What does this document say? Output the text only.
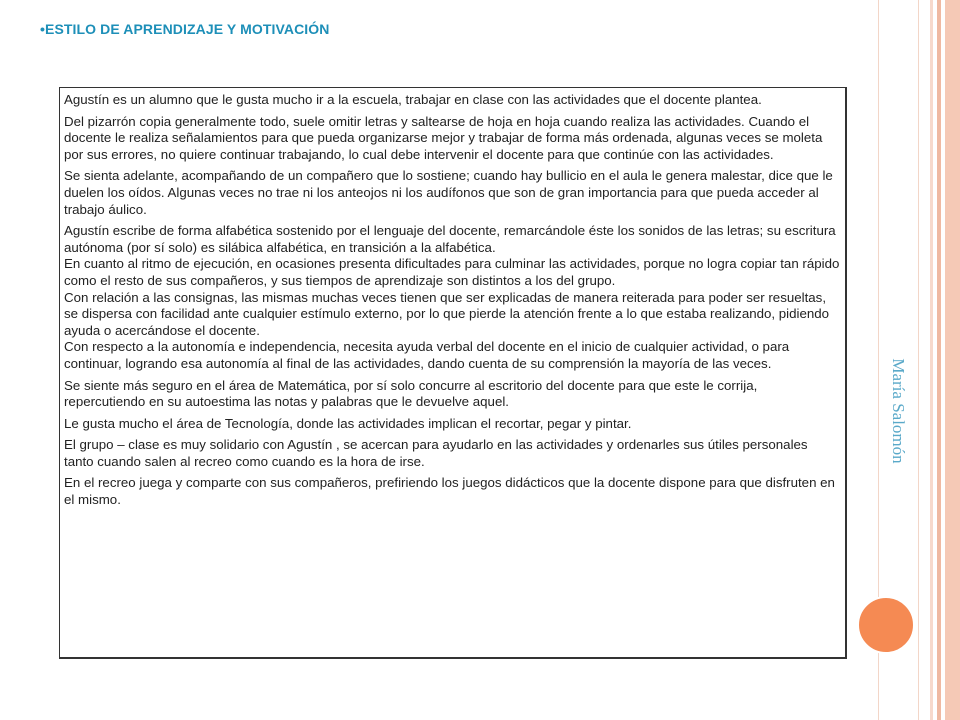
•ESTILO DE APRENDIZAJE Y MOTIVACIÓN

Agustín es un alumno que le gusta mucho ir a la escuela, trabajar en clase con las actividades que el docente plantea.

Del pizarrón copia generalmente todo, suele omitir letras y saltearse de hoja en hoja cuando realiza las actividades. Cuando el docente le realiza señalamientos para que pueda organizarse mejor y trabajar de forma más ordenada, algunas veces se moleta por sus errores, no quiere continuar trabajando, lo cual debe intervenir el docente para que continúe con las actividades.

Se sienta adelante, acompañando de un compañero que lo sostiene; cuando hay bullicio en el aula le genera malestar, dice que le duelen los oídos. Algunas veces no trae ni los anteojos ni los audífonos que son de gran importancia para que pueda acceder al trabajo áulico.

Agustín escribe de forma alfabética sostenido por el lenguaje del docente, remarcándole éste los sonidos de las letras; su escritura autónoma (por sí solo) es silábica alfabética, en transición a la alfabética.

En cuanto al ritmo de ejecución, en ocasiones presenta dificultades para culminar las actividades, porque no logra copiar tan rápido como el resto de sus compañeros, y sus tiempos de aprendizaje son distintos a los del grupo.

Con relación a las consignas, las mismas muchas veces tienen que ser explicadas de manera reiterada para poder ser resueltas, se dispersa con facilidad ante cualquier estímulo externo, por lo que pierde la atención frente a lo que estaba realizando, pidiendo ayuda o acercándose el docente.

Con respecto a la autonomía e independencia, necesita ayuda verbal del docente en el inicio de cualquier actividad, o para continuar, logrando esa autonomía al final de las actividades, dando cuenta de su comprensión la mayoría de las veces.

Se siente más seguro en el área de Matemática, por sí solo concurre al escritorio del docente para que este le corrija, repercutiendo en su autoestima las notas y palabras que le devuelve aquel.

Le gusta mucho el área de Tecnología, donde las actividades implican el recortar, pegar y pintar.

El grupo – clase es muy solidario con Agustín , se acercan para ayudarlo en las actividades y ordenarles sus útiles personales tanto cuando salen al recreo como cuando es la hora de irse.

En el recreo juega y comparte con sus compañeros, prefiriendo los juegos didácticos que la docente dispone para que disfruten en el mismo.

María Salomón
